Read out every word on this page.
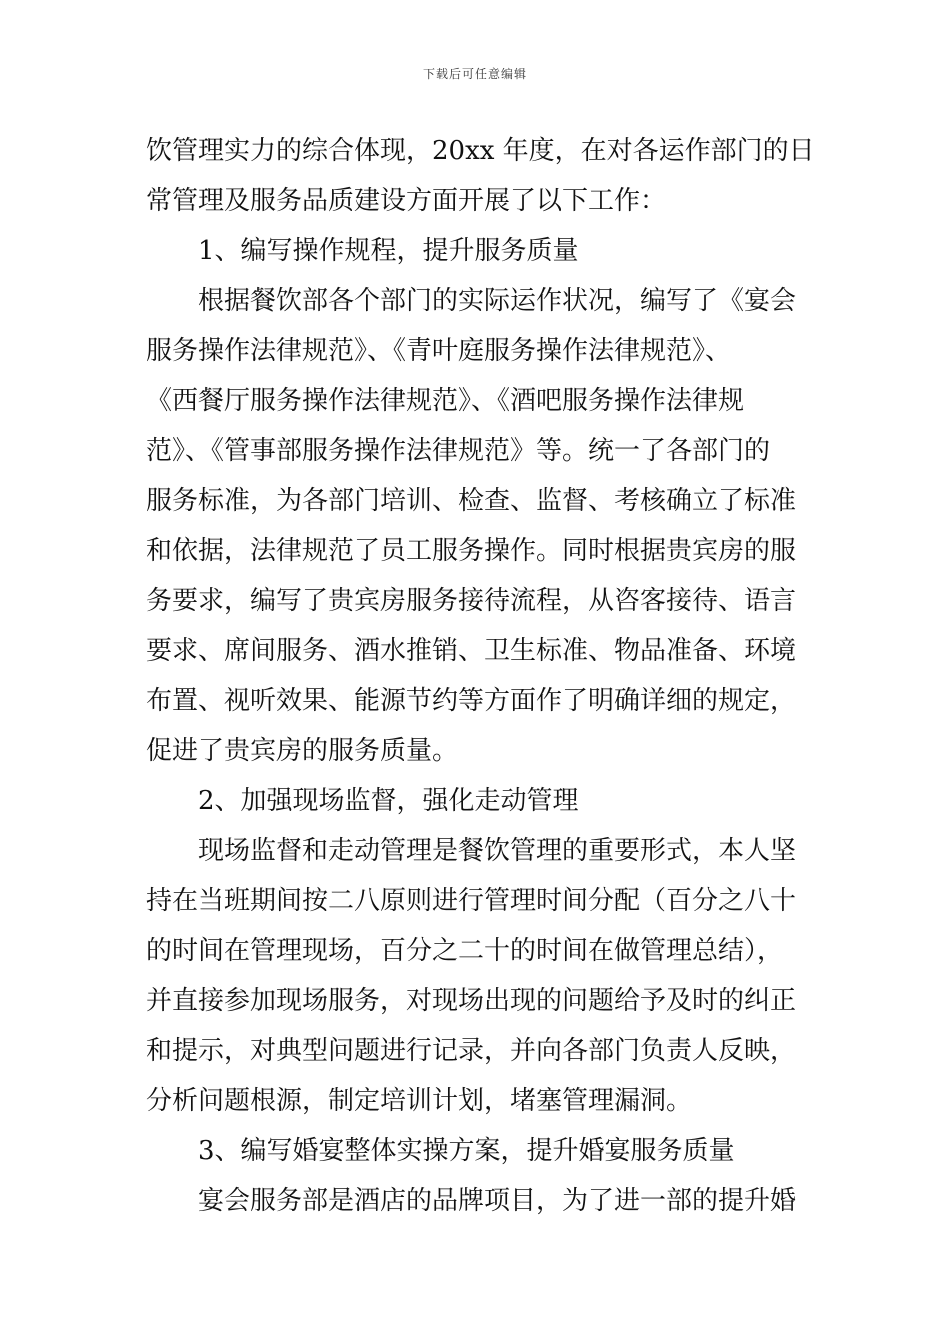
下载后可任意编辑
饮管理实力的综合体现，20xx 年度，在对各运作部门的日
常管理及服务品质建设方面开展了以下工作：
1、编写操作规程，提升服务质量
根据餐饮部各个部门的实际运作状况，编写了《宴会
服务操作法律规范》、《青叶庭服务操作法律规范》、
《西餐厅服务操作法律规范》、《酒吧服务操作法律规
范》、《管事部服务操作法律规范》等。统一了各部门的
服务标准，为各部门培训、检查、监督、考核确立了标准
和依据，法律规范了员工服务操作。同时根据贵宾房的服
务要求，编写了贵宾房服务接待流程，从咨客接待、语言
要求、席间服务、酒水推销、卫生标准、物品准备、环境
布置、视听效果、能源节约等方面作了明确详细的规定，
促进了贵宾房的服务质量。
2、加强现场监督，强化走动管理
现场监督和走动管理是餐饮管理的重要形式，本人坚
持在当班期间按二八原则进行管理时间分配（百分之八十
的时间在管理现场，百分之二十的时间在做管理总结），
并直接参加现场服务，对现场出现的问题给予及时的纠正
和提示，对典型问题进行记录，并向各部门负责人反映，
分析问题根源，制定培训计划，堵塞管理漏洞。
3、编写婚宴整体实操方案，提升婚宴服务质量
宴会服务部是酒店的品牌项目，为了进一部的提升婚
